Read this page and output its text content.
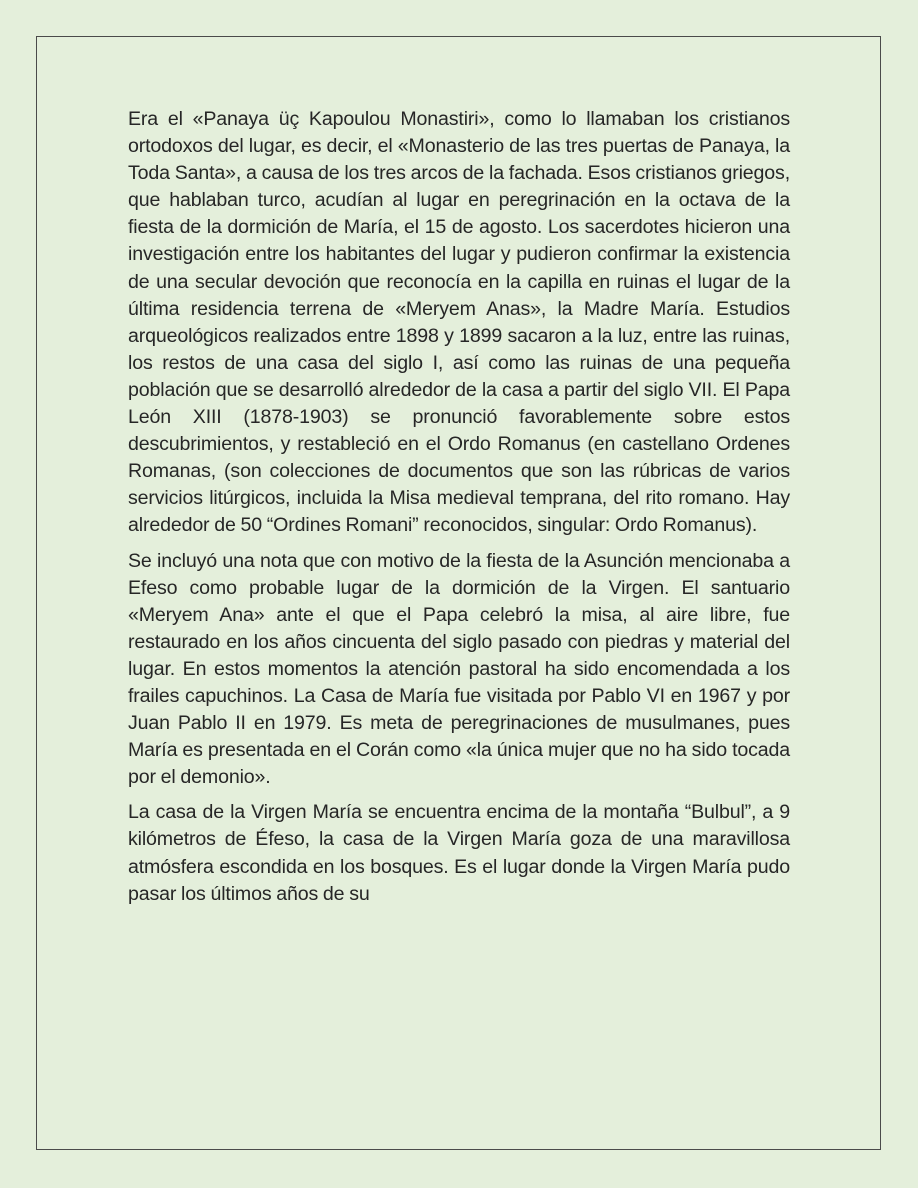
Era el «Panaya üç Kapoulou Monastiri», como lo llamaban los cristianos ortodoxos del lugar, es decir, el «Monasterio de las tres puertas de Panaya, la Toda Santa», a causa de los tres arcos de la fachada. Esos cristianos griegos, que hablaban turco, acudían al lugar en peregrinación en la octava de la fiesta de la dormición de María, el 15 de agosto. Los sacerdotes hicieron una investigación entre los habitantes del lugar y pudieron confirmar la existencia de una secular devoción que reconocía en la capilla en ruinas el lugar de la última residencia terrena de «Meryem Anas», la Madre María. Estudios arqueológicos realizados entre 1898 y 1899 sacaron a la luz, entre las ruinas, los restos de una casa del siglo I, así como las ruinas de una pequeña población que se desarrolló alrededor de la casa a partir del siglo VII. El Papa León XIII (1878-1903) se pronunció favorablemente sobre estos descubrimientos, y restableció en el Ordo Romanus (en castellano Ordenes Romanas, (son colecciones de documentos que son las rúbricas de varios servicios litúrgicos, incluida la Misa medieval temprana, del rito romano. Hay alrededor de 50 “Ordines Romani” reconocidos, singular: Ordo Romanus).

Se incluyó una nota que con motivo de la fiesta de la Asunción mencionaba a Efeso como probable lugar de la dormición de la Virgen. El santuario «Meryem Ana» ante el que el Papa celebró la misa, al aire libre, fue restaurado en los años cincuenta del siglo pasado con piedras y material del lugar. En estos momentos la atención pastoral ha sido encomendada a los frailes capuchinos. La Casa de María fue visitada por Pablo VI en 1967 y por Juan Pablo II en 1979. Es meta de peregrinaciones de musulmanes, pues María es presentada en el Corán como «la única mujer que no ha sido tocada por el demonio».

La casa de la Virgen María se encuentra encima de la montaña “Bulbul”, a 9 kilómetros de Éfeso, la casa de la Virgen María goza de una maravillosa atmósfera escondida en los bosques. Es el lugar donde la Virgen María pudo pasar los últimos años de su
